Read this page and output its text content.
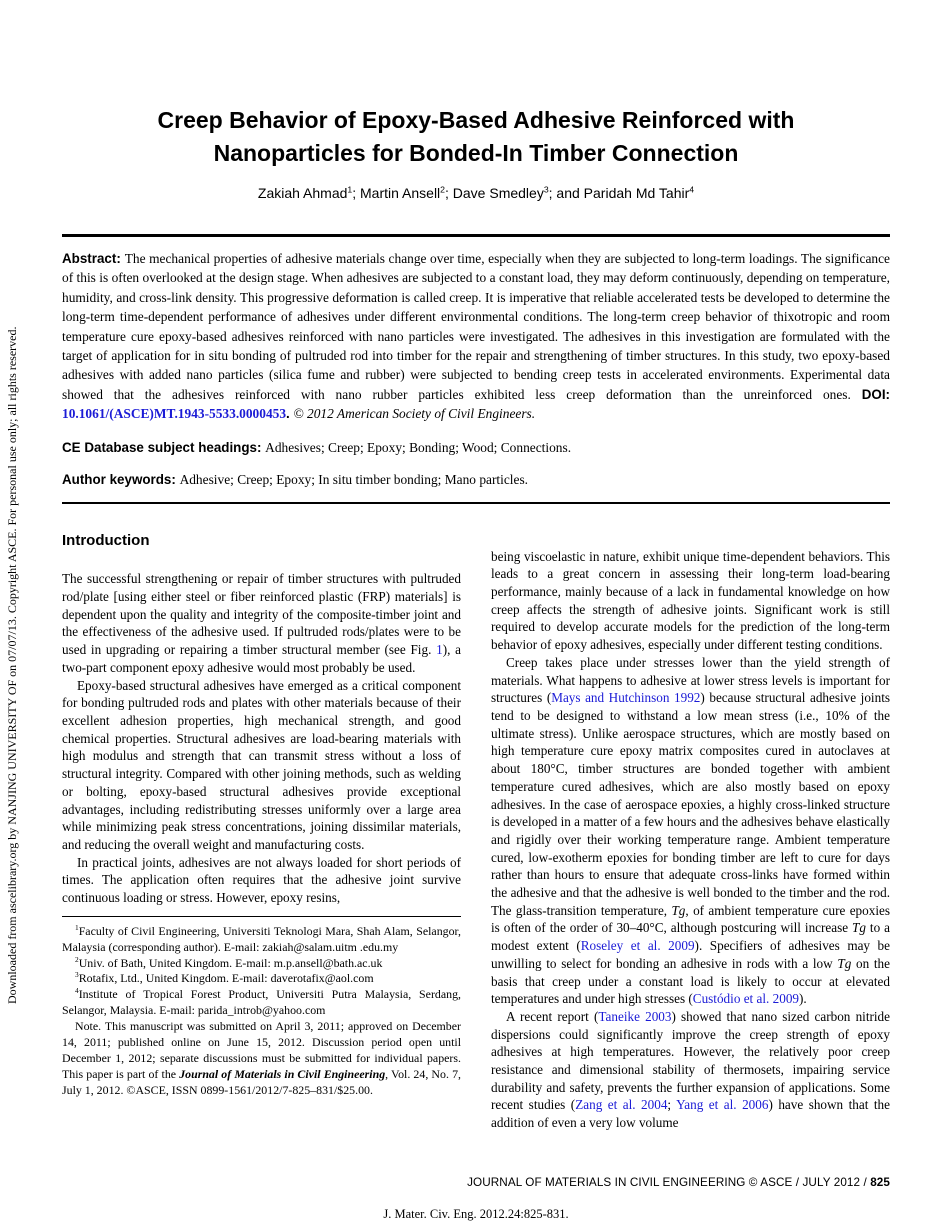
Downloaded from ascelibrary.org by NANJING UNIVERSITY OF on 07/07/13. Copyright ASCE. For personal use only; all rights reserved.
Creep Behavior of Epoxy-Based Adhesive Reinforced with
Nanoparticles for Bonded-In Timber Connection
Zakiah Ahmad$^1$; Martin Ansell$^2$; Dave Smedley$^3$; and Paridah Md Tahir$^4$
Abstract: The mechanical properties of adhesive materials change over time, especially when they are subjected to long-term loadings. The significance of this is often overlooked at the design stage. When adhesives are subjected to a constant load, they may deform continuously, depending on temperature, humidity, and cross-link density. This progressive deformation is called creep. It is imperative that reliable accelerated tests be developed to determine the long-term time-dependent performance of adhesives under different environmental conditions. The long-term creep behavior of thixotropic and room temperature cure epoxy-based adhesives reinforced with nano particles were investigated. The adhesives in this investigation are formulated with the target of application for in situ bonding of pultruded rod into timber for the repair and strengthening of timber structures. In this study, two epoxy-based adhesives with added nano particles (silica fume and rubber) were subjected to bending creep tests in accelerated environments. Experimental data showed that the adhesives reinforced with nano rubber particles exhibited less creep deformation than the unreinforced ones. DOI: 10.1061/(ASCE)MT.1943-5533.0000453. © 2012 American Society of Civil Engineers.
CE Database subject headings: Adhesives; Creep; Epoxy; Bonding; Wood; Connections.
Author keywords: Adhesive; Creep; Epoxy; In situ timber bonding; Mano particles.
Introduction

The successful strengthening or repair of timber structures with pultruded rod/plate [using either steel or fiber reinforced plastic (FRP) materials] is dependent upon the quality and integrity of the composite-timber joint and the effectiveness of the adhesive used. If pultruded rods/plates were to be used in upgrading or repairing a timber structural member (see Fig. 1), a two-part component epoxy adhesive would most probably be used.

Epoxy-based structural adhesives have emerged as a critical component for bonding pultruded rods and plates with other materials because of their excellent adhesion properties, high mechanical strength, and good chemical properties. Structural adhesives are load-bearing materials with high modulus and strength that can transmit stress without a loss of structural integrity. Compared with other joining methods, such as welding or bolting, epoxy-based structural adhesives provide exceptional advantages, including redistributing stresses uniformly over a large area while minimizing peak stress concentrations, joining dissimilar materials, and reducing the overall weight and manufacturing costs.

In practical joints, adhesives are not always loaded for short periods of times. The application often requires that the adhesive joint survive continuous loading or stress. However, epoxy resins,

$^1$Faculty of Civil Engineering, Universiti Teknologi Mara, Shah Alam, Selangor, Malaysia (corresponding author). E-mail: zakiah@salam.uitm .edu.my

$^2$Univ. of Bath, United Kingdom. E-mail: m.p.ansell@bath.ac.uk

$^3$Rotafix, Ltd., United Kingdom. E-mail: daverotafix@aol.com

$^4$Institute of Tropical Forest Product, Universiti Putra Malaysia, Serdang, Selangor, Malaysia. E-mail: parida_introb@yahoo.com

Note. This manuscript was submitted on April 3, 2011; approved on December 14, 2011; published online on June 15, 2012. Discussion period open until December 1, 2012; separate discussions must be submitted for individual papers. This paper is part of the Journal of Materials in Civil Engineering, Vol. 24, No. 7, July 1, 2012. ©ASCE, ISSN 0899-1561/2012/7-825–831/$25.00.

being viscoelastic in nature, exhibit unique time-dependent behaviors. This leads to a great concern in assessing their long-term load-bearing performance, mainly because of a lack in fundamental knowledge on how creep affects the strength of adhesive joints. Significant work is still required to develop accurate models for the prediction of the long-term behavior of epoxy adhesives, especially under different testing conditions.

Creep takes place under stresses lower than the yield strength of materials. What happens to adhesive at lower stress levels is important for structures (Mays and Hutchinson 1992) because structural adhesive joints tend to be designed to withstand a low mean stress (i.e., 10% of the ultimate stress). Unlike aerospace structures, which are mostly based on high temperature cure epoxy matrix composites cured in autoclaves at about 180°C, timber structures are bonded together with ambient temperature cured adhesives, which are also mostly based on epoxy adhesives. In the case of aerospace epoxies, a highly cross-linked structure is developed in a matter of a few hours and the adhesives behave elastically and rigidly over their working temperature range. Ambient temperature cured, low-exotherm epoxies for bonding timber are left to cure for days rather than hours to ensure that adequate cross-links have formed within the adhesive and that the adhesive is well bonded to the timber and the rod. The glass-transition temperature, Tg, of ambient temperature cure epoxies is often of the order of 30–40°C, although postcuring will increase Tg to a modest extent (Roseley et al. 2009). Specifiers of adhesives may be unwilling to select for bonding an adhesive in rods with a low Tg on the basis that creep under a constant load is likely to occur at elevated temperatures and under high stresses (Custódio et al. 2009).

A recent report (Taneike 2003) showed that nano sized carbon nitride dispersions could significantly improve the creep strength of epoxy adhesives at high temperatures. However, the relatively poor creep resistance and dimensional stability of thermosets, impairing service durability and safety, prevents the further expansion of applications. Some recent studies (Zang et al. 2004; Yang et al. 2006) have shown that the addition of even a very low volume

JOURNAL OF MATERIALS IN CIVIL ENGINEERING © ASCE / JULY 2012 / 825
J. Mater. Civ. Eng. 2012.24:825-831.
